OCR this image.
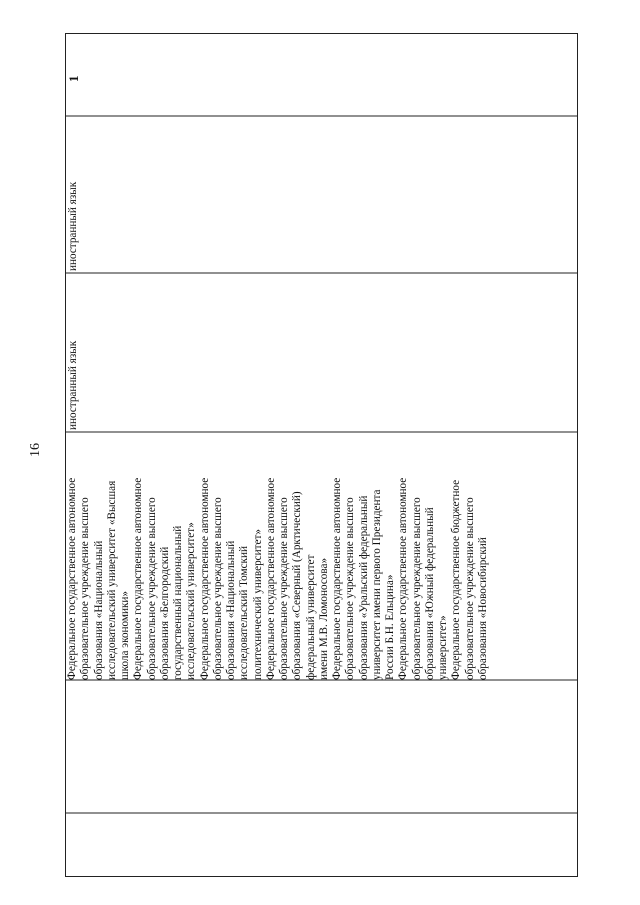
16
Федеральное государственное автономное образовательное учреждение высшего образования «Национальный исследовательский университет «Высшая школа экономики» Федеральное государственное автономное образовательное учреждение высшего образования «Белгородский государственный национальный исследовательский университет» Федеральное государственное автономное образовательное учреждение высшего образования «Национальный исследовательский Томский политехнический университет» Федеральное государственное автономное образовательное учреждение высшего образования «Северный (Арктический) федеральный университет имени М.В. Ломоносова» Федеральное государственное автономное образовательное учреждение высшего образования «Уральский федеральный университет имени первого Президента России Б.Н. Ельцина» Федеральное государственное автономное образовательное учреждение высшего образования «Южный федеральный университет» Федеральное государственное бюджетное образовательное учреждение высшего образования «Новосибирский
иностранный язык
иностранный язык
1
